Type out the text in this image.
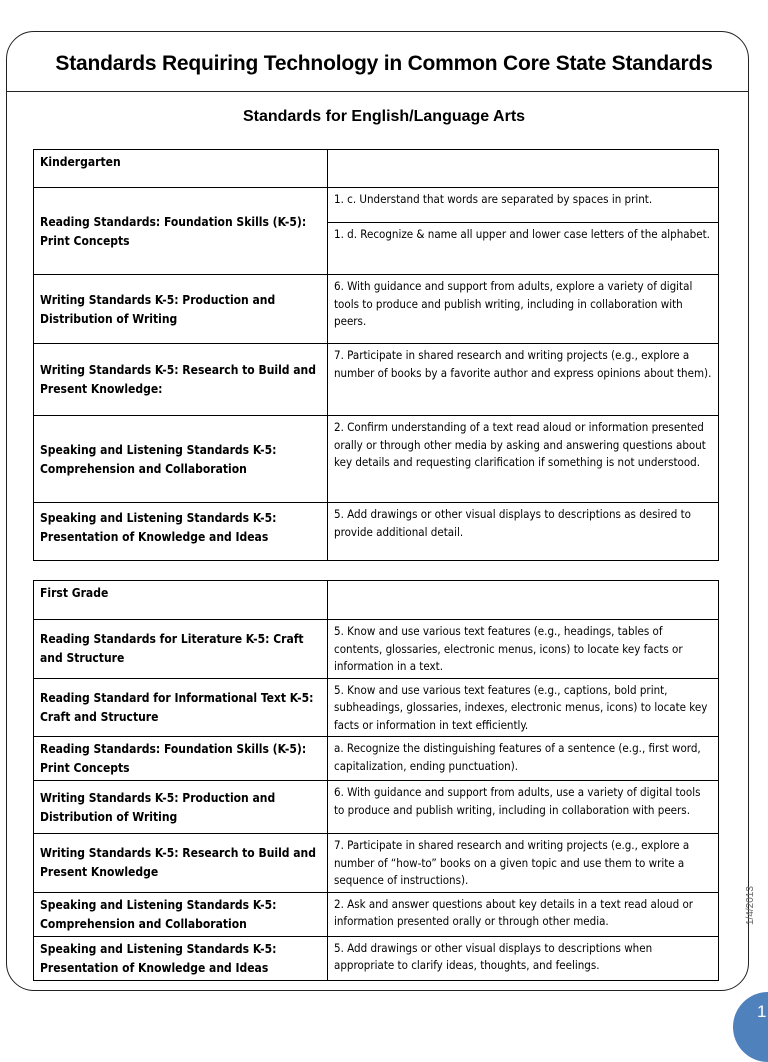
Standards Requiring Technology in Common Core State Standards
Standards for English/Language Arts
Kindergarten	
Reading Standards: Foundation Skills (K-5): Print Concepts	1. c. Understand that words are separated by spaces in print.
	1. d. Recognize & name all upper and lower case letters of the alphabet.
Writing Standards K-5: Production and Distribution of Writing	6. With guidance and support from adults, explore a variety of digital tools to produce and publish writing, including in collaboration with peers.
Writing Standards K-5: Research to Build and Present Knowledge:	7. Participate in shared research and writing projects (e.g., explore a number of books by a favorite author and express opinions about them).
Speaking and Listening Standards K-5: Comprehension and Collaboration	2. Confirm understanding of a text read aloud or information presented orally or through other media by asking and answering questions about key details and requesting clarification if something is not understood.
Speaking and Listening Standards K-5: Presentation of Knowledge and Ideas	5. Add drawings or other visual displays to descriptions as desired to provide additional detail.
First Grade	
Reading Standards for Literature K-5: Craft and Structure	5. Know and use various text features (e.g., headings, tables of contents, glossaries, electronic menus, icons) to locate key facts or information in a text.
Reading Standard for Informational Text K-5: Craft and Structure	5. Know and use various text features (e.g., captions, bold print, subheadings, glossaries, indexes, electronic menus, icons) to locate key facts or information in text efficiently.
Reading Standards: Foundation Skills (K-5): Print Concepts	a. Recognize the distinguishing features of a sentence (e.g., first word, capitalization, ending punctuation).
Writing Standards K-5: Production and Distribution of Writing	6. With guidance and support from adults, use a variety of digital tools to produce and publish writing, including in collaboration with peers.
Writing Standards K-5: Research to Build and Present Knowledge	7. Participate in shared research and writing projects (e.g., explore a number of “how-to” books on a given topic and use them to write a sequence of instructions).
Speaking and Listening Standards K-5: Comprehension and Collaboration	2. Ask and answer questions about key details in a text read aloud or information presented orally or through other media.
Speaking and Listening Standards K-5: Presentation of Knowledge and Ideas	5. Add drawings or other visual displays to descriptions when appropriate to clarify ideas, thoughts, and feelings.
1/4/2013
1
